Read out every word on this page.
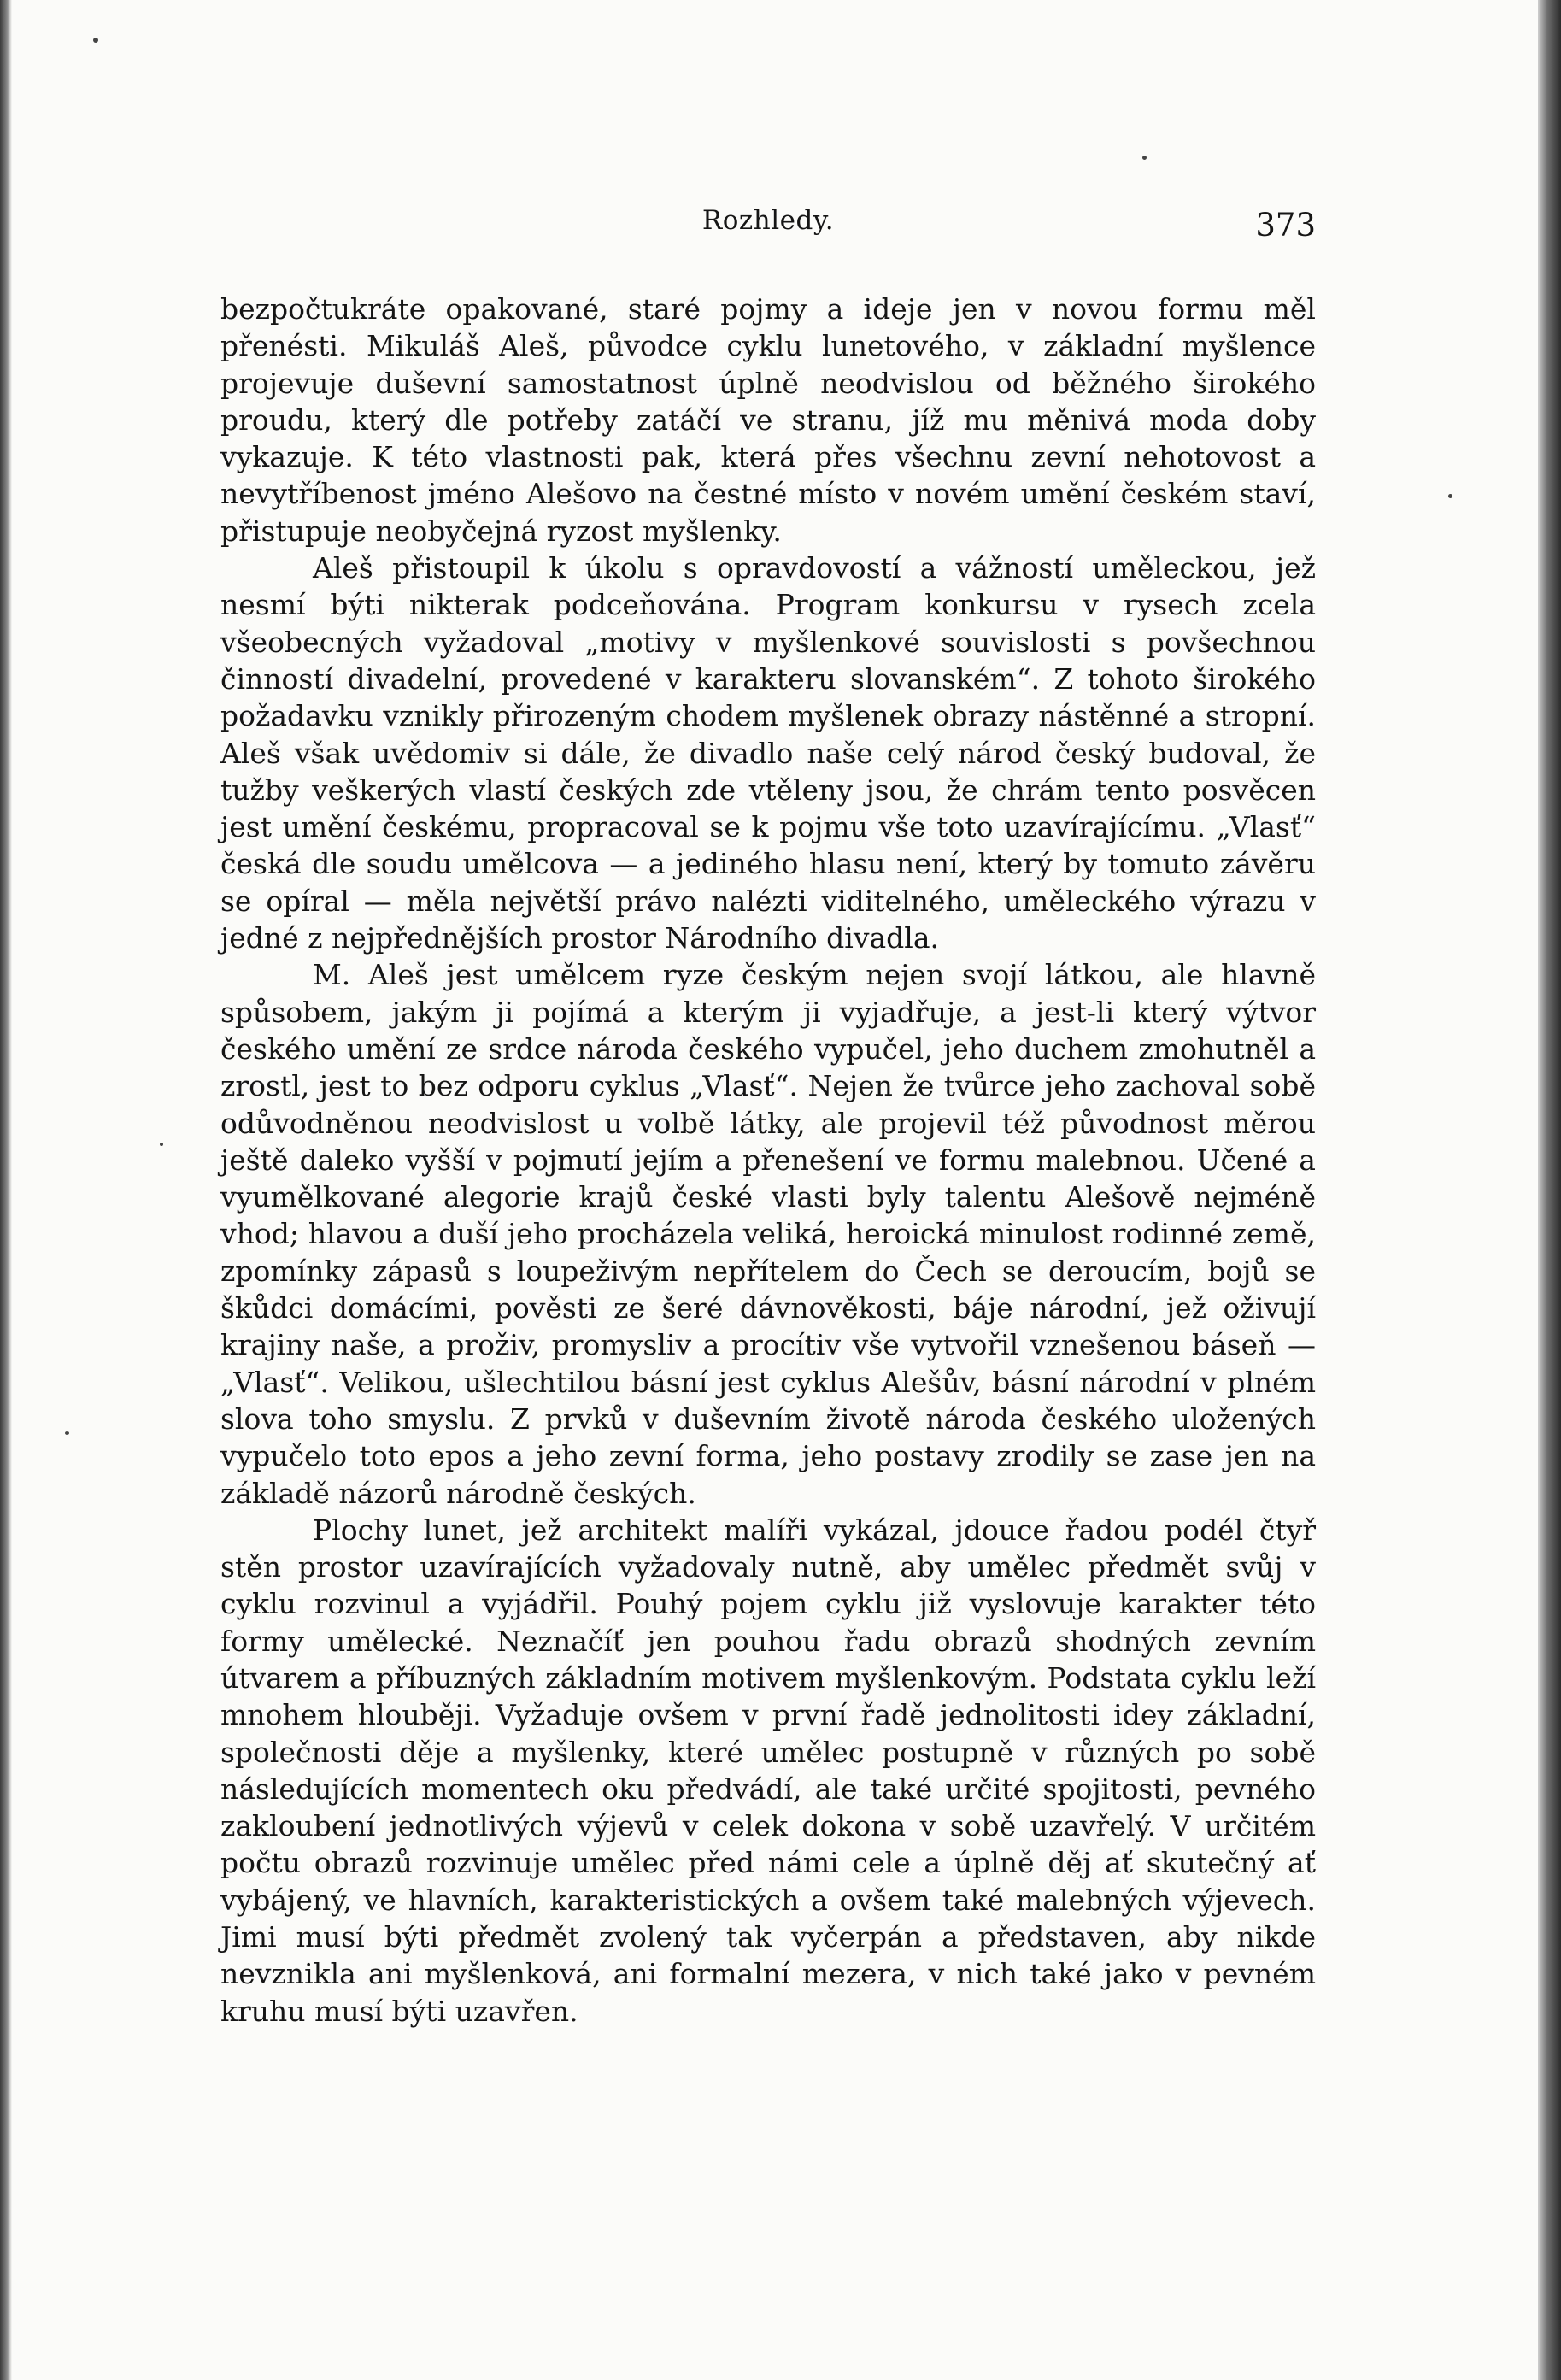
Rozhledy.	373

bezpočtukráte opakované, staré pojmy a ideje jen v novou formu měl přenésti. Mikuláš Aleš, původce cyklu lunetového, v základní myšlence projevuje duševní samostatnost úplně neodvislou od běžného širokého proudu, který dle potřeby zatáčí ve stranu, jíž mu měnivá moda doby vykazuje. K této vlastnosti pak, která přes všechnu zevní nehotovost a nevytříbenost jméno Alešovo na čestné místo v novém umění českém staví, přistupuje neobyčejná ryzost myšlenky.

Aleš přistoupil k úkolu s opravdovostí a vážností uměleckou, jež nesmí býti nikterak podceňována. Program konkursu v rysech zcela všeobecných vyžadoval „motivy v myšlenkové souvislosti s povšechnou činností divadelní, provedené v karakteru slovanském“. Z tohoto širokého požadavku vznikly přirozeným chodem myšlenek obrazy nástěnné a stropní. Aleš však uvědomiv si dále, že divadlo naše celý národ český budoval, že tužby veškerých vlastí českých zde vtěleny jsou, že chrám tento posvěcen jest umění českému, propracoval se k pojmu vše toto uzavírajícímu. „Vlasť“ česká dle soudu umělcova — a jediného hlasu není, který by tomuto závěru se opíral — měla největší právo nalézti viditelného, uměleckého výrazu v jedné z nejpřednějších prostor Národního divadla.

M. Aleš jest umělcem ryze českým nejen svojí látkou, ale hlavně spůsobem, jakým ji pojímá a kterým ji vyjadřuje, a jest-li který výtvor českého umění ze srdce národa českého vypučel, jeho duchem zmohutněl a zrostl, jest to bez odporu cyklus „Vlasť“. Nejen že tvůrce jeho zachoval sobě odůvodněnou neodvislost u volbě látky, ale projevil též původnost měrou ještě daleko vyšší v pojmutí jejím a přenešení ve formu malebnou. Učené a vyumělkované alegorie krajů české vlasti byly talentu Alešově nejméně vhod; hlavou a duší jeho procházela veliká, heroická minulost rodinné země, zpomínky zápasů s loupeživým nepřítelem do Čech se deroucím, bojů se škůdci domácími, pověsti ze šeré dávnověkosti, báje národní, jež oživují krajiny naše, a proživ, promysliv a procítiv vše vytvořil vznešenou báseň — „Vlasť“. Velikou, ušlechtilou básní jest cyklus Alešův, básní národní v plném slova toho smyslu. Z prvků v duševním životě národa českého uložených vypučelo toto epos a jeho zevní forma, jeho postavy zrodily se zase jen na základě názorů národně českých.

Plochy lunet, jež architekt malíři vykázal, jdouce řadou podél čtyř stěn prostor uzavírajících vyžadovaly nutně, aby umělec předmět svůj v cyklu rozvinul a vyjádřil. Pouhý pojem cyklu již vyslovuje karakter této formy umělecké. Neznačíť jen pouhou řadu obrazů shodných zevním útvarem a příbuzných základním motivem myšlenkovým. Podstata cyklu leží mnohem hlouběji. Vyžaduje ovšem v první řadě jednolitosti idey základní, společnosti děje a myšlenky, které umělec postupně v různých po sobě následujících momentech oku předvádí, ale také určité spojitosti, pevného zakloubení jednotlivých výjevů v celek dokona v sobě uzavřelý. V určitém počtu obrazů rozvinuje umělec před námi cele a úplně děj ať skutečný ať vybájený, ve hlavních, karakteristických a ovšem také malebných výjevech. Jimi musí býti předmět zvolený tak vyčerpán a představen, aby nikde nevznikla ani myšlenková, ani formalní mezera, v nich také jako v pevném kruhu musí býti uzavřen.
